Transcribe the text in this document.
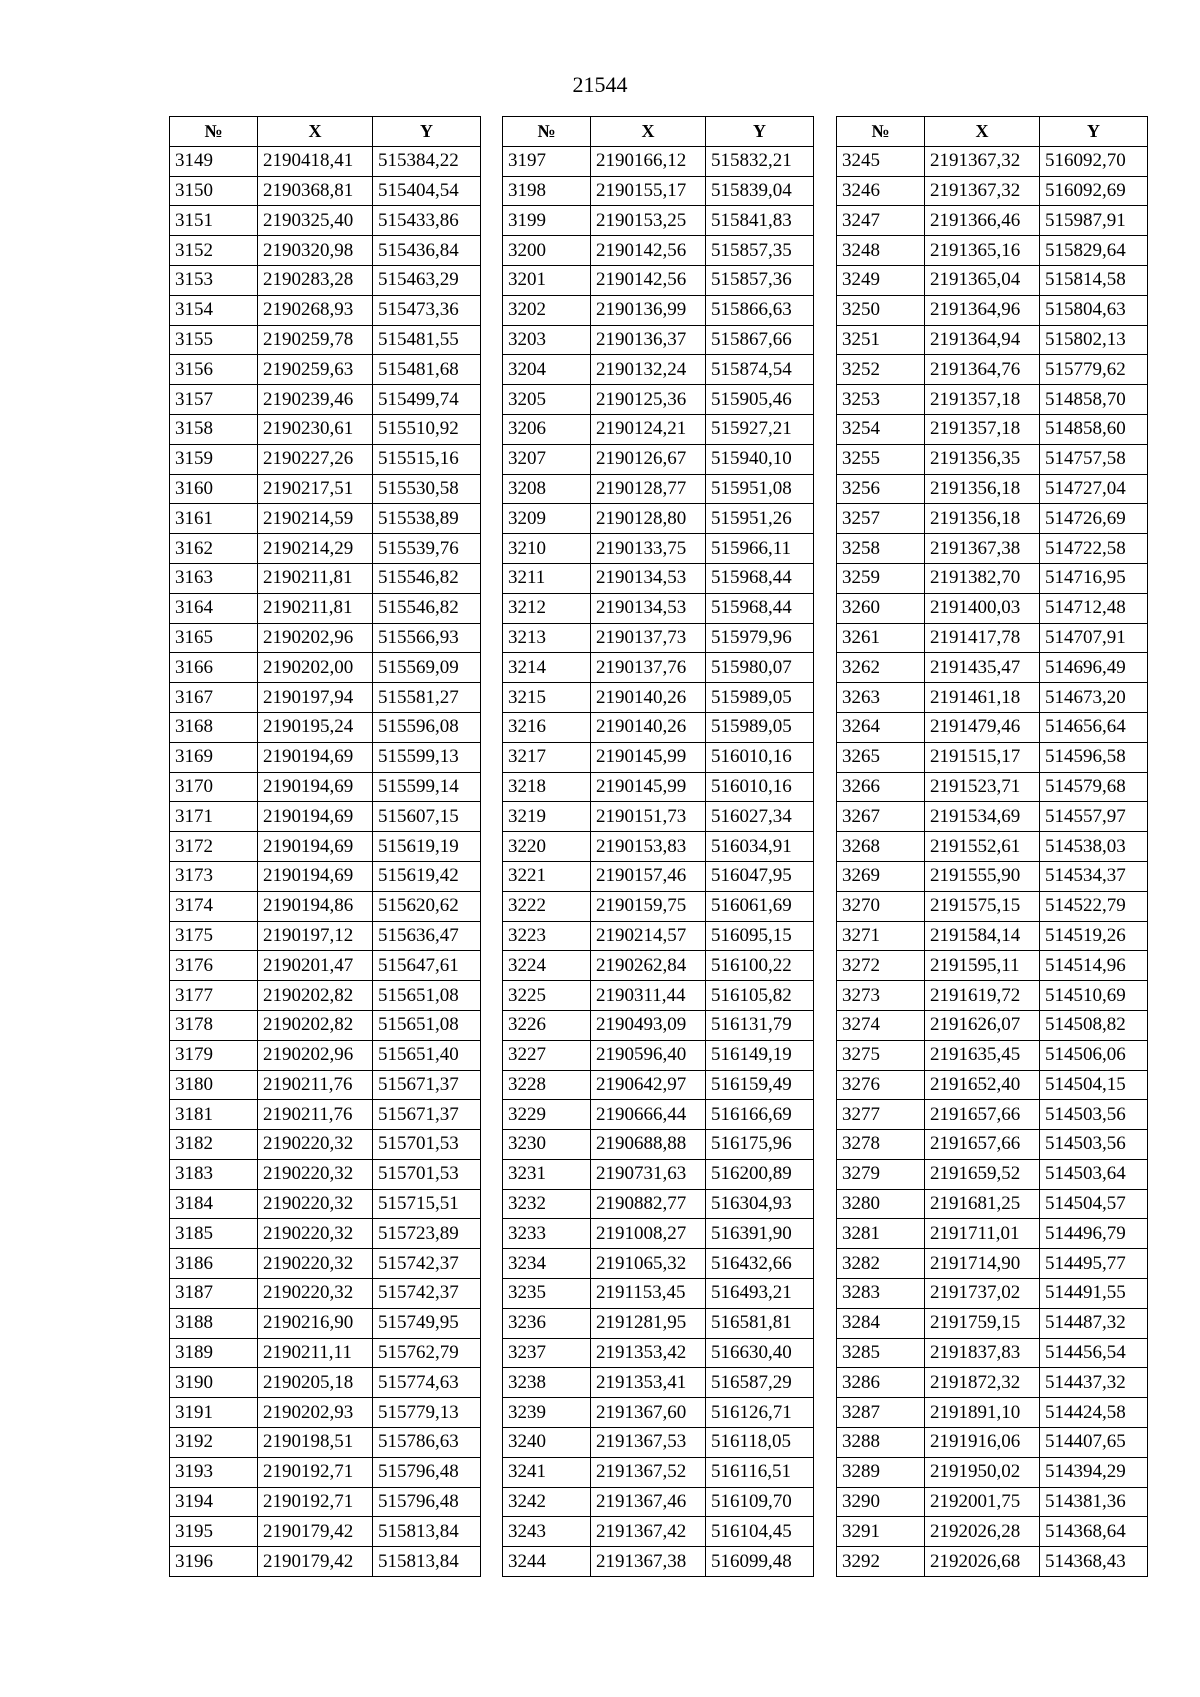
21544
№	X	Y
3149	2190418,41	515384,22
3150	2190368,81	515404,54
3151	2190325,40	515433,86
3152	2190320,98	515436,84
3153	2190283,28	515463,29
3154	2190268,93	515473,36
3155	2190259,78	515481,55
3156	2190259,63	515481,68
3157	2190239,46	515499,74
3158	2190230,61	515510,92
3159	2190227,26	515515,16
3160	2190217,51	515530,58
3161	2190214,59	515538,89
3162	2190214,29	515539,76
3163	2190211,81	515546,82
3164	2190211,81	515546,82
3165	2190202,96	515566,93
3166	2190202,00	515569,09
3167	2190197,94	515581,27
3168	2190195,24	515596,08
3169	2190194,69	515599,13
3170	2190194,69	515599,14
3171	2190194,69	515607,15
3172	2190194,69	515619,19
3173	2190194,69	515619,42
3174	2190194,86	515620,62
3175	2190197,12	515636,47
3176	2190201,47	515647,61
3177	2190202,82	515651,08
3178	2190202,82	515651,08
3179	2190202,96	515651,40
3180	2190211,76	515671,37
3181	2190211,76	515671,37
3182	2190220,32	515701,53
3183	2190220,32	515701,53
3184	2190220,32	515715,51
3185	2190220,32	515723,89
3186	2190220,32	515742,37
3187	2190220,32	515742,37
3188	2190216,90	515749,95
3189	2190211,11	515762,79
3190	2190205,18	515774,63
3191	2190202,93	515779,13
3192	2190198,51	515786,63
3193	2190192,71	515796,48
3194	2190192,71	515796,48
3195	2190179,42	515813,84
3196	2190179,42	515813,84
№	X	Y
3197	2190166,12	515832,21
3198	2190155,17	515839,04
3199	2190153,25	515841,83
3200	2190142,56	515857,35
3201	2190142,56	515857,36
3202	2190136,99	515866,63
3203	2190136,37	515867,66
3204	2190132,24	515874,54
3205	2190125,36	515905,46
3206	2190124,21	515927,21
3207	2190126,67	515940,10
3208	2190128,77	515951,08
3209	2190128,80	515951,26
3210	2190133,75	515966,11
3211	2190134,53	515968,44
3212	2190134,53	515968,44
3213	2190137,73	515979,96
3214	2190137,76	515980,07
3215	2190140,26	515989,05
3216	2190140,26	515989,05
3217	2190145,99	516010,16
3218	2190145,99	516010,16
3219	2190151,73	516027,34
3220	2190153,83	516034,91
3221	2190157,46	516047,95
3222	2190159,75	516061,69
3223	2190214,57	516095,15
3224	2190262,84	516100,22
3225	2190311,44	516105,82
3226	2190493,09	516131,79
3227	2190596,40	516149,19
3228	2190642,97	516159,49
3229	2190666,44	516166,69
3230	2190688,88	516175,96
3231	2190731,63	516200,89
3232	2190882,77	516304,93
3233	2191008,27	516391,90
3234	2191065,32	516432,66
3235	2191153,45	516493,21
3236	2191281,95	516581,81
3237	2191353,42	516630,40
3238	2191353,41	516587,29
3239	2191367,60	516126,71
3240	2191367,53	516118,05
3241	2191367,52	516116,51
3242	2191367,46	516109,70
3243	2191367,42	516104,45
3244	2191367,38	516099,48
№	X	Y
3245	2191367,32	516092,70
3246	2191367,32	516092,69
3247	2191366,46	515987,91
3248	2191365,16	515829,64
3249	2191365,04	515814,58
3250	2191364,96	515804,63
3251	2191364,94	515802,13
3252	2191364,76	515779,62
3253	2191357,18	514858,70
3254	2191357,18	514858,60
3255	2191356,35	514757,58
3256	2191356,18	514727,04
3257	2191356,18	514726,69
3258	2191367,38	514722,58
3259	2191382,70	514716,95
3260	2191400,03	514712,48
3261	2191417,78	514707,91
3262	2191435,47	514696,49
3263	2191461,18	514673,20
3264	2191479,46	514656,64
3265	2191515,17	514596,58
3266	2191523,71	514579,68
3267	2191534,69	514557,97
3268	2191552,61	514538,03
3269	2191555,90	514534,37
3270	2191575,15	514522,79
3271	2191584,14	514519,26
3272	2191595,11	514514,96
3273	2191619,72	514510,69
3274	2191626,07	514508,82
3275	2191635,45	514506,06
3276	2191652,40	514504,15
3277	2191657,66	514503,56
3278	2191657,66	514503,56
3279	2191659,52	514503,64
3280	2191681,25	514504,57
3281	2191711,01	514496,79
3282	2191714,90	514495,77
3283	2191737,02	514491,55
3284	2191759,15	514487,32
3285	2191837,83	514456,54
3286	2191872,32	514437,32
3287	2191891,10	514424,58
3288	2191916,06	514407,65
3289	2191950,02	514394,29
3290	2192001,75	514381,36
3291	2192026,28	514368,64
3292	2192026,68	514368,43
